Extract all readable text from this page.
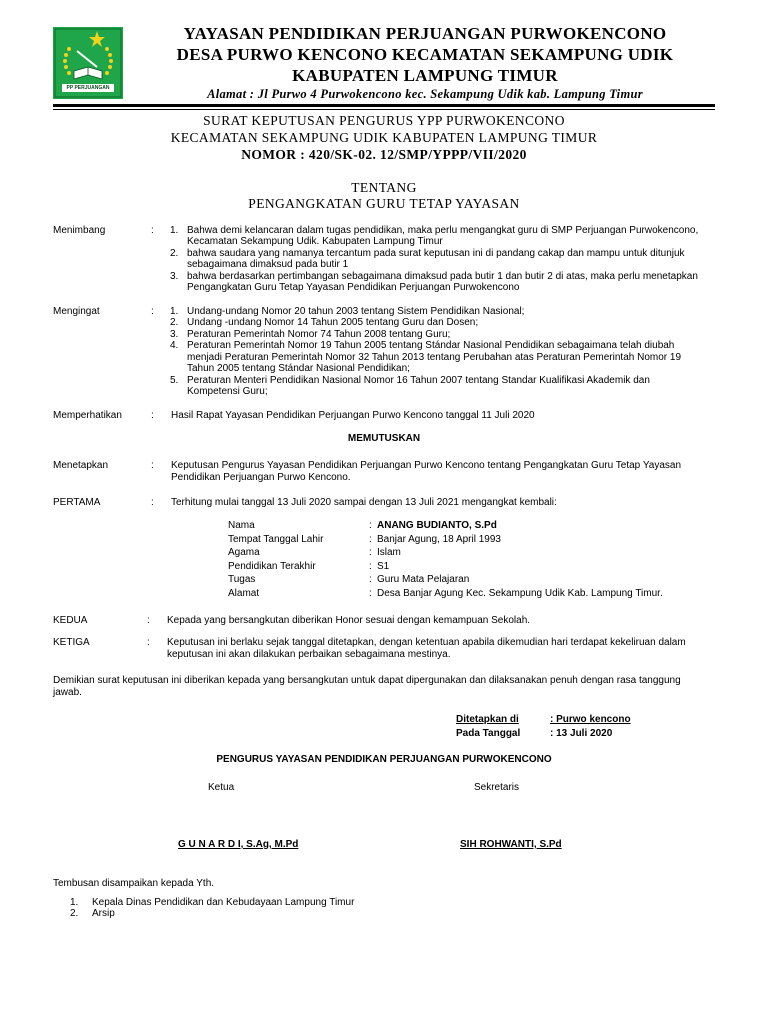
PP PERJUANGAN
YAYASAN PENDIDIKAN PERJUANGAN PURWOKENCONO
DESA PURWO KENCONO KECAMATAN SEKAMPUNG UDIK
KABUPATEN LAMPUNG TIMUR
Alamat : Jl Purwo 4 Purwokencono kec. Sekampung Udik kab. Lampung Timur
SURAT KEPUTUSAN PENGURUS YPP PURWOKENCONO
KECAMATAN SEKAMPUNG UDIK KABUPATEN LAMPUNG TIMUR
NOMOR : 420/SK-02. 12/SMP/YPPP/VII/2020
TENTANG
PENGANGKATAN GURU TETAP YAYASAN
Menimbang	: 1. Bahwa demi kelancaran dalam tugas pendidikan, maka perlu mengangkat guru di SMP Perjuangan Purwokencono,
Kecamatan Sekampung Udik. Kabupaten Lampung Timur
2. bahwa saudara yang namanya tercantum pada surat keputusan ini di pandang cakap dan mampu untuk ditunjuk
sebagaimana dimaksud pada butir 1
3. bahwa berdasarkan pertimbangan sebagaimana dimaksud pada butir 1 dan butir 2 di atas, maka perlu menetapkan
Pengangkatan Guru Tetap Yayasan Pendidikan Perjuangan Purwokencono
Mengingat	: 1. Undang-undang Nomor 20 tahun 2003 tentang Sistem Pendidikan Nasional;
2. Undang -undang Nomor 14 Tahun 2005 tentang Guru dan Dosen;
3. Peraturan Pemerintah Nomor 74 Tahun 2008 tentang Guru;
4. Peraturan Pemerintah Nomor 19 Tahun 2005 tentang Stándar Nasional Pendidikan sebagaimana telah diubah
menjadi Peraturan Pemerintah Nomor 32 Tahun 2013 tentang Perubahan atas Peraturan Pemerintah Nomor 19
Tahun 2005 tentang Stándar Nasional Pendidikan;
5. Peraturan Menteri Pendidikan Nasional Nomor 16 Tahun 2007 tentang Standar Kualifikasi Akademik dan
Kompetensi Guru;
Memperhatikan	: Hasil Rapat Yayasan Pendidikan Perjuangan Purwo Kencono tanggal 11 Juli 2020
MEMUTUSKAN
Menetapkan	: Keputusan Pengurus Yayasan Pendidikan Perjuangan Purwo Kencono tentang Pengangkatan Guru Tetap Yayasan
Pendidikan Perjuangan Purwo Kencono.
PERTAMA	: Terhitung mulai tanggal 13 Juli 2020 sampai dengan 13 Juli 2021 mengangkat kembali:
Nama	: ANANG BUDIANTO, S.Pd
Tempat Tanggal Lahir	: Banjar Agung, 18 April 1993
Agama	: Islam
Pendidikan Terakhir	: S1
Tugas	: Guru Mata Pelajaran
Alamat	: Desa Banjar Agung Kec. Sekampung Udik Kab. Lampung Timur.
KEDUA	: Kepada yang bersangkutan diberikan Honor sesuai dengan kemampuan Sekolah.
KETIGA	: Keputusan ini berlaku sejak tanggal ditetapkan, dengan ketentuan apabila dikemudian hari terdapat kekeliruan dalam
keputusan ini akan dilakukan perbaikan sebagaimana mestinya.
Demikian surat keputusan ini diberikan kepada yang bersangkutan untuk dapat dipergunakan dan dilaksanakan penuh dengan rasa tanggung
jawab.
Ditetapkan di	: Purwo kencono
Pada Tanggal	: 13 Juli 2020
PENGURUS YAYASAN PENDIDIKAN PERJUANGAN PURWOKENCONO
Ketua	Sekretaris
G U N A R D I, S.Ag, M.Pd	SIH ROHWANTI, S.Pd
Tembusan disampaikan kepada Yth.
1. Kepala Dinas Pendidikan dan Kebudayaan Lampung Timur
2. Arsip
